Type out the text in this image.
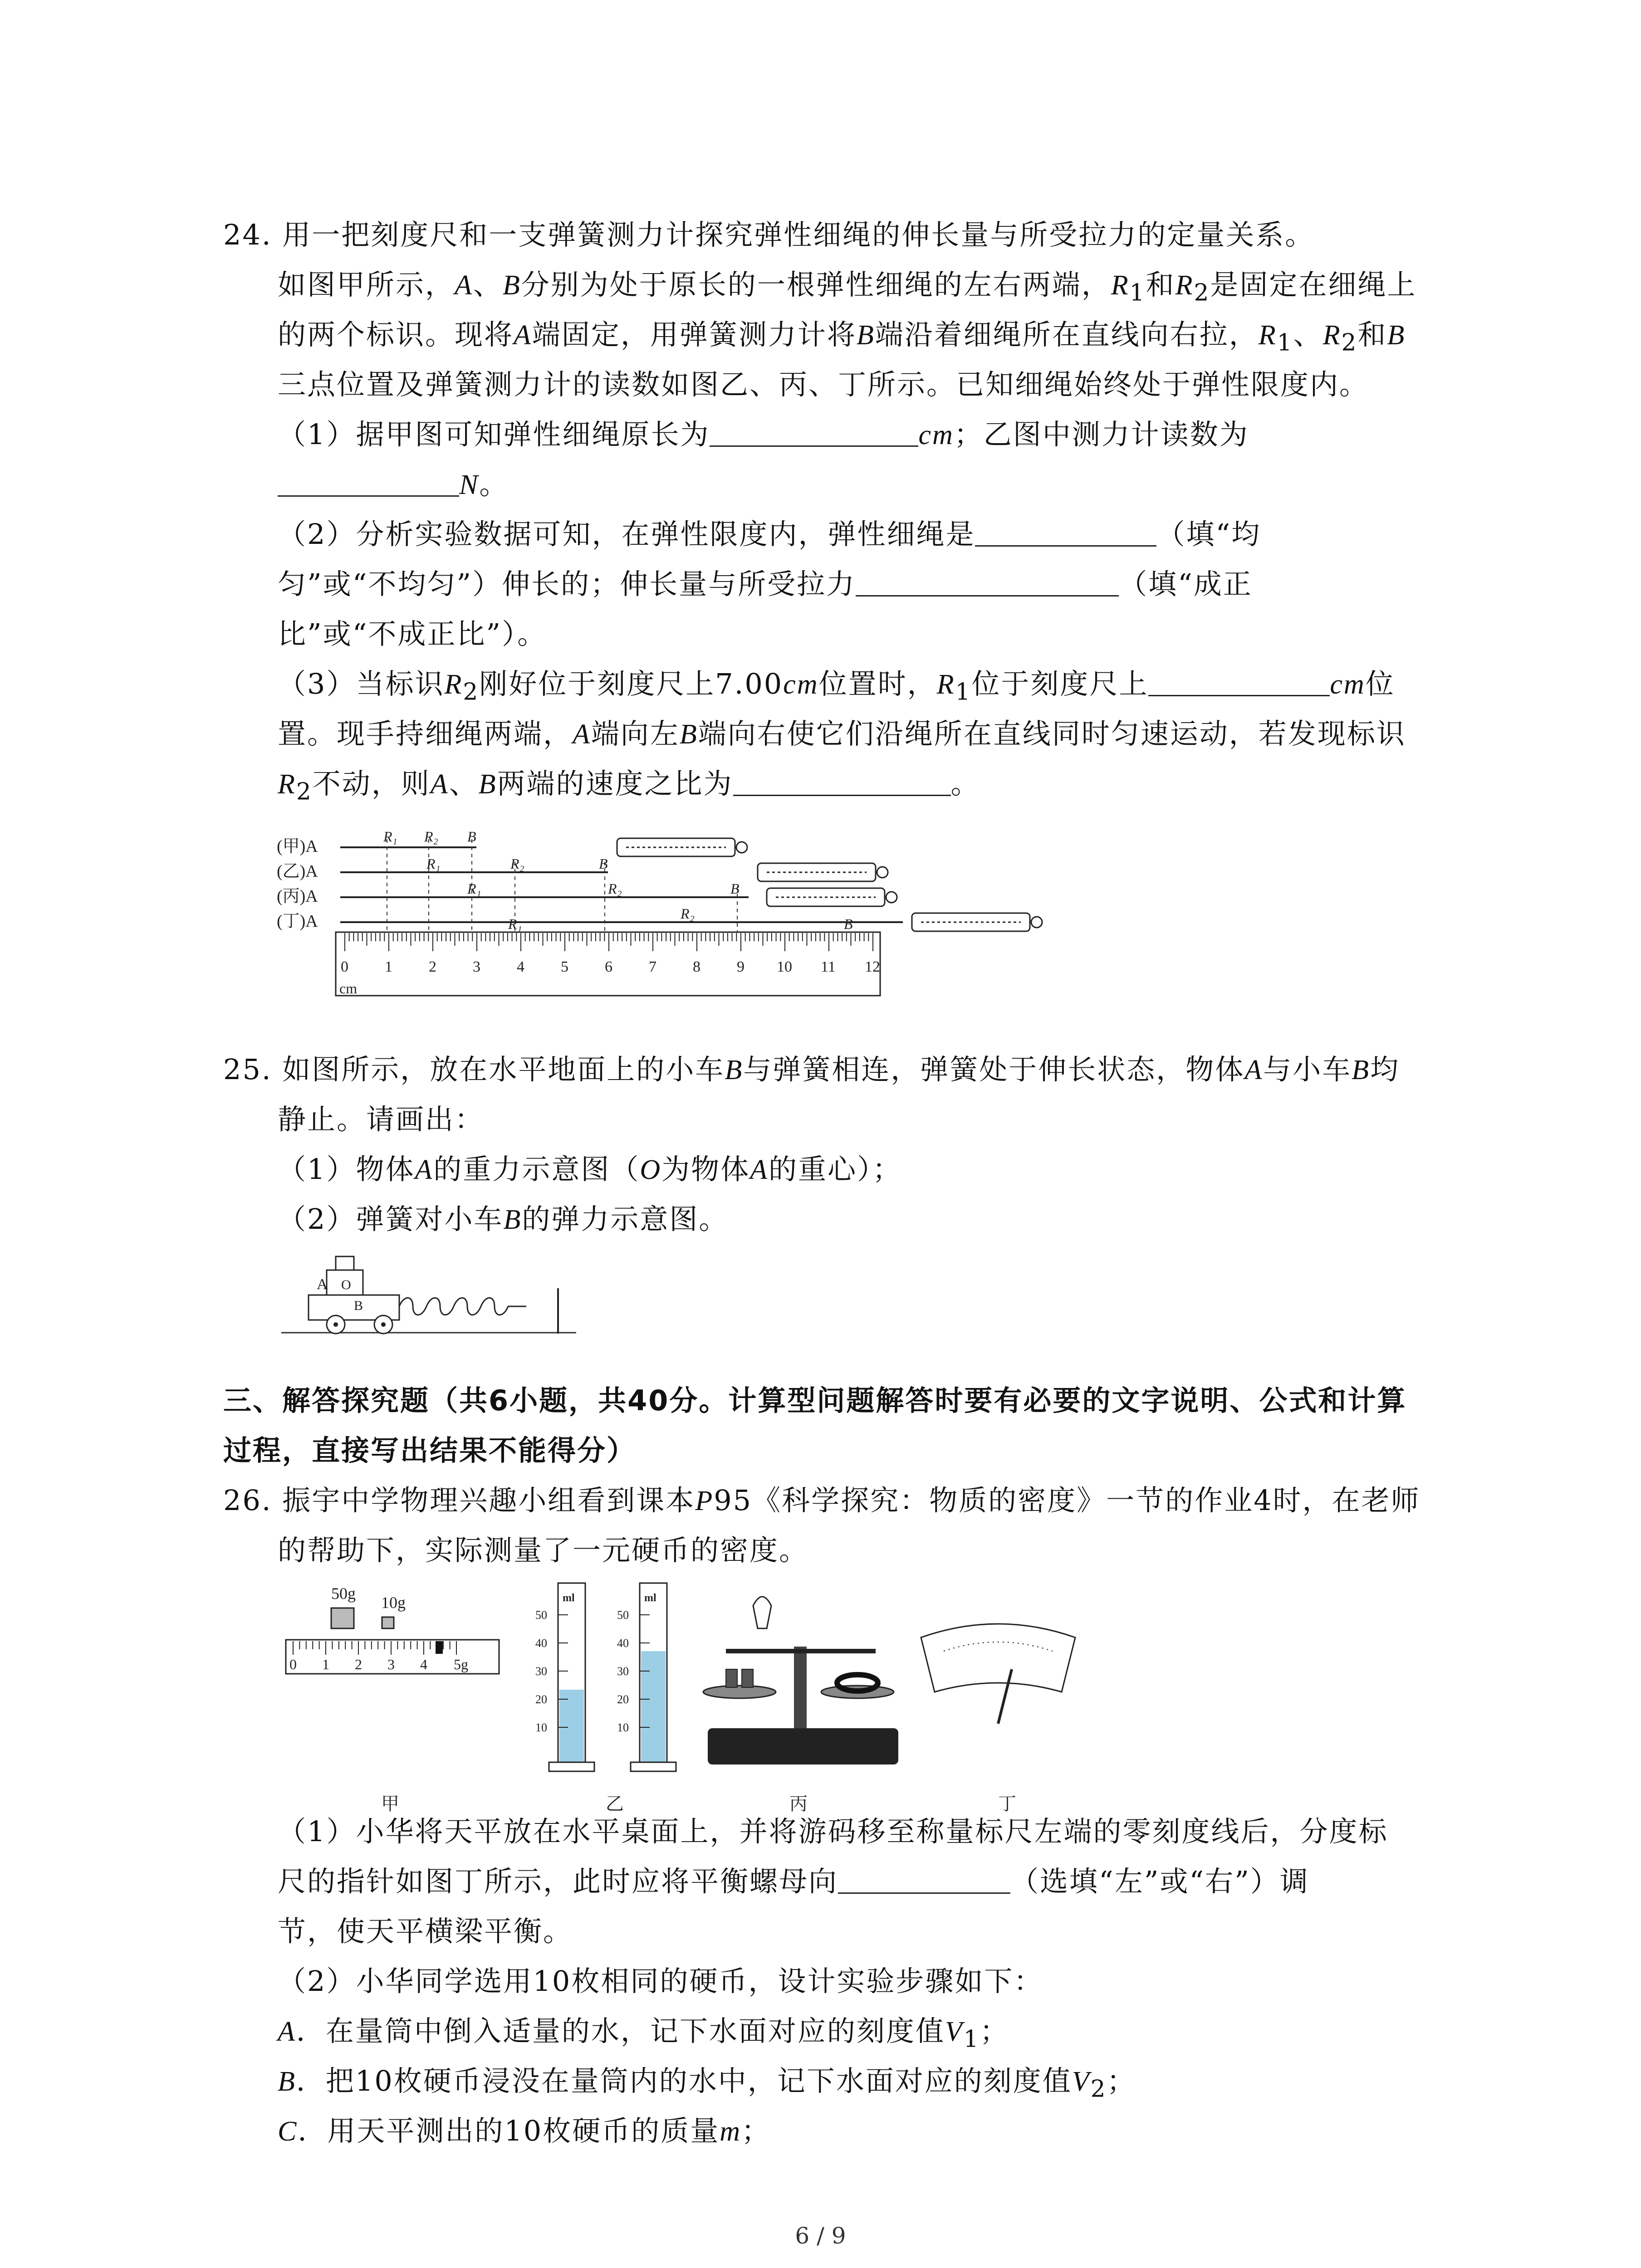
24. 用一把刻度尺和一支弹簧测力计探究弹性细绳的伸长量与所受拉力的定量关系。
如图甲所示，A、B分别为处于原长的一根弹性细绳的左右两端，$R_1$和$R_2$是固定在细绳上
的两个标识。现将A端固定，用弹簧测力计将B端沿着细绳所在直线向右拉，$R_1$、$R_2$和B
三点位置及弹簧测力计的读数如图乙、丙、丁所示。已知细绳始终处于弹性限度内。
（1）据甲图可知弹性细绳原长为	cm；乙图中测力计读数为
N。
（2）分析实验数据可知，在弹性限度内，弹性细绳是	（填“均
匀”或“不均匀”）伸长的；伸长量与所受拉力	（填“成正
比”或“不成正比”）。
（3）当标识$R_2$刚好位于刻度尺上7.00cm位置时，$R_1$位于刻度尺上	cm位
置。现手持细绳两端，A端向左B端向右使它们沿绳所在直线同时匀速运动，若发现标识
$R_2$不动，则A、B两端的速度之比为	。
(甲)A
(乙)A
(丙)A
(丁)A
R₁ R₂ B
R₁	R₂	B
R₁	R₂	B
R₁
R₂
B
0 1 2 3 4 5 6 7 8 9 10 11 12
cm
25. 如图所示，放在水平地面上的小车B与弹簧相连，弹簧处于伸长状态，物体A与小车B均
静止。请画出：
（1）物体A的重力示意图（O为物体A的重心）；
（2）弹簧对小车B的弹力示意图。
A O
B
三、解答探究题（共6小题，共40分。计算型问题解答时要有必要的文字说明、公式和计算
过程，直接写出结果不能得分）
26. 振宇中学物理兴趣小组看到课本P95《科学探究：物质的密度》一节的作业4时，在老师
的帮助下，实际测量了一元硬币的密度。
50g 10g
0 1 2 3 4 5g
ml	ml
50
40
30
20
10
50
40
30
20
10
甲	乙	丙	丁
（1）小华将天平放在水平桌面上，并将游码移至称量标尺左端的零刻度线后，分度标
尺的指针如图丁所示，此时应将平衡螺母向	（选填“左”或“右”）调
节，使天平横梁平衡。
（2）小华同学选用10枚相同的硬币，设计实验步骤如下：
A．在量筒中倒入适量的水，记下水面对应的刻度值$V_1$；
B．把10枚硬币浸没在量筒内的水中，记下水面对应的刻度值$V_2$；
C．用天平测出的10枚硬币的质量m；
6 / 9
